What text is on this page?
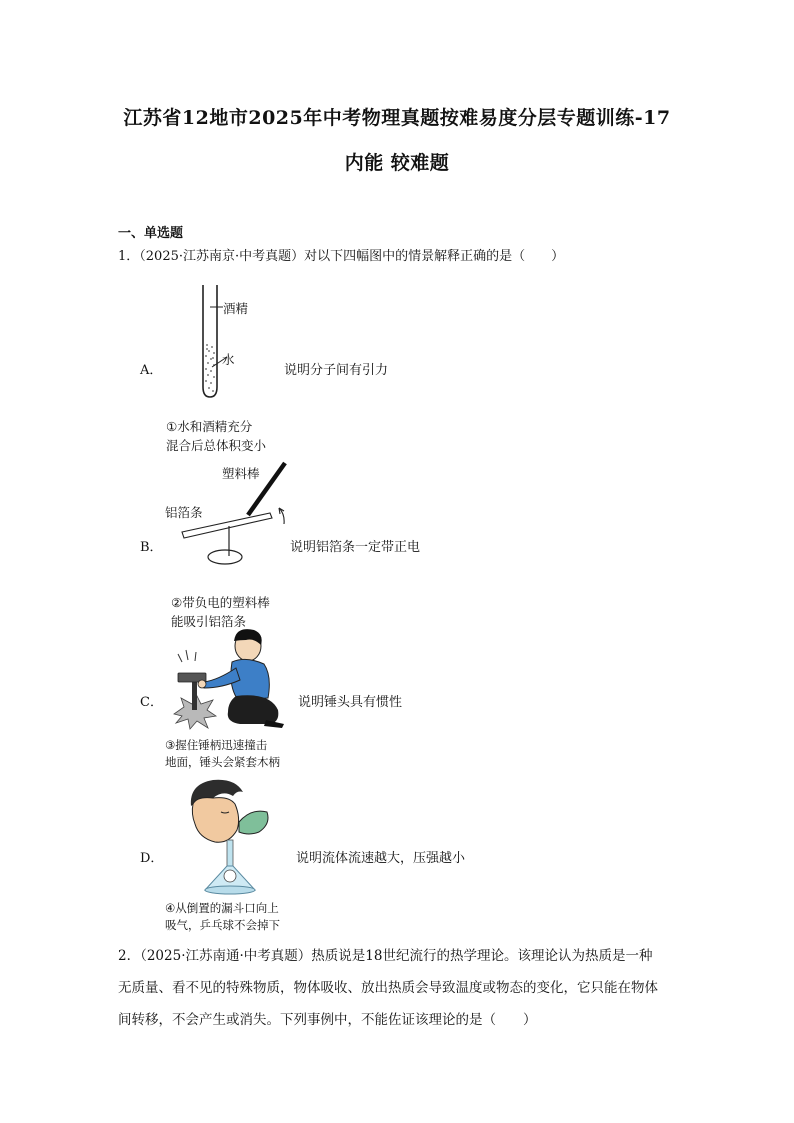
江苏省12地市2025年中考物理真题按难易度分层专题训练-17
内能 较难题
一、单选题
1．（2025·江苏南京·中考真题）对以下四幅图中的情景解释正确的是（　　）
A．
酒精
水
说明分子间有引力
①水和酒精充分
混合后总体积变小
塑料棒
铝箔条
B．	说明铝箔条一定带正电
②带负电的塑料棒
能吸引铝箔条
C．	说明锤头具有惯性
③握住锤柄迅速撞击
地面，锤头会紧套木柄
D．	说明流体流速越大，压强越小
④从倒置的漏斗口向上
吸气，乒乓球不会掉下
2．（2025·江苏南通·中考真题）热质说是18世纪流行的热学理论。该理论认为热质是一种
无质量、看不见的特殊物质，物体吸收、放出热质会导致温度或物态的变化，它只能在物体
间转移，不会产生或消失。下列事例中，不能佐证该理论的是（　　）
